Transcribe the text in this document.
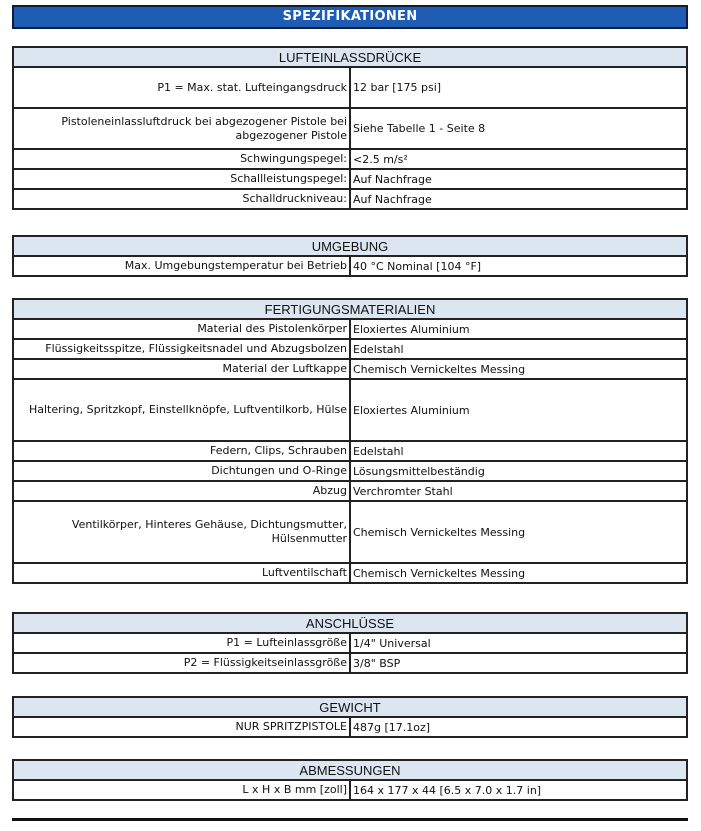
SPEZIFIKATIONEN
LUFTEINLASSDRÜCKE	
P1 = Max. stat. Lufteingangsdruck	12 bar [175 psi]
Pistoleneinlassluftdruck bei abgezogener Pistole bei abgezogener Pistole	Siehe Tabelle 1 - Seite 8
Schwingungspegel:	<2.5 m/s²
Schallleistungspegel:	Auf Nachfrage
Schalldruckniveau:	Auf Nachfrage
UMGEBUNG
Max. Umgebungstemperatur bei Betrieb	40 °C Nominal [104 °F]
FERTIGUNGSMATERIALIEN	
Material des Pistolenkörper	Eloxiertes Aluminium
Flüssigkeitsspitze, Flüssigkeitsnadel und Abzugsbolzen	Edelstahl
Material der Luftkappe	Chemisch Vernickeltes Messing
Haltering, Spritzkopf, Einstellknöpfe, Luftventilkorb, Hülse	Eloxiertes Aluminium
Federn, Clips, Schrauben	Edelstahl
Dichtungen und O-Ringe	Lösungsmittelbeständig
Abzug	Verchromter Stahl
Ventilkörper, Hinteres Gehäuse, Dichtungsmutter, Hülsenmutter	Chemisch Vernickeltes Messing
Luftventilschaft	Chemisch Vernickeltes Messing
ANSCHLÜSSE	
P1 = Lufteinlassgröße	1/4" Universal
P2 = Flüssigkeitseinlassgröße	3/8" BSP
GEWICHT
NUR SPRITZPISTOLE	487g [17.1oz]
ABMESSUNGEN
L x H x B mm [zoll]	164 x 177 x 44 [6.5 x 7.0 x 1.7 in]
